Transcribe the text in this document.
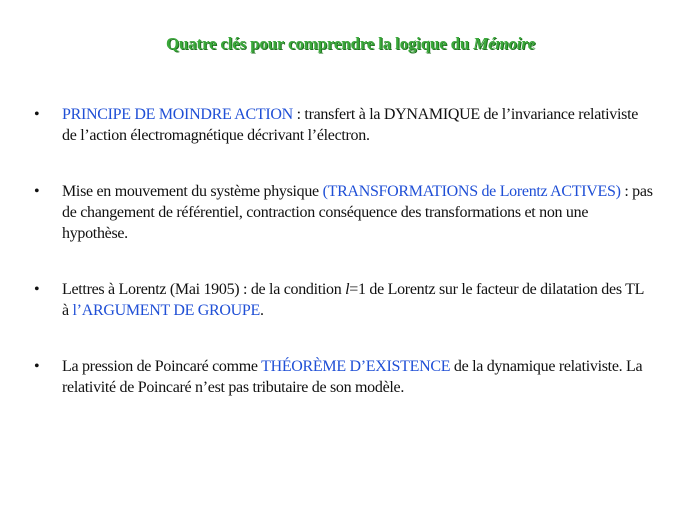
Quatre clés pour comprendre la logique du Mémoire
• PRINCIPE DE MOINDRE ACTION : transfert à la DYNAMIQUE de l’invariance relativiste de l’action électromagnétique décrivant l’électron.
• Mise en mouvement du système physique (TRANSFORMATIONS de Lorentz ACTIVES) : pas de changement de référentiel, contraction conséquence des transformations et non une hypothèse.
• Lettres à Lorentz (Mai 1905) : de la condition l=1 de Lorentz sur le facteur de dilatation des TL à l’ARGUMENT DE GROUPE.
• La pression de Poincaré comme THÉORÈME D’EXISTENCE de la dynamique relativiste. La relativité de Poincaré n’est pas tributaire de son modèle.
